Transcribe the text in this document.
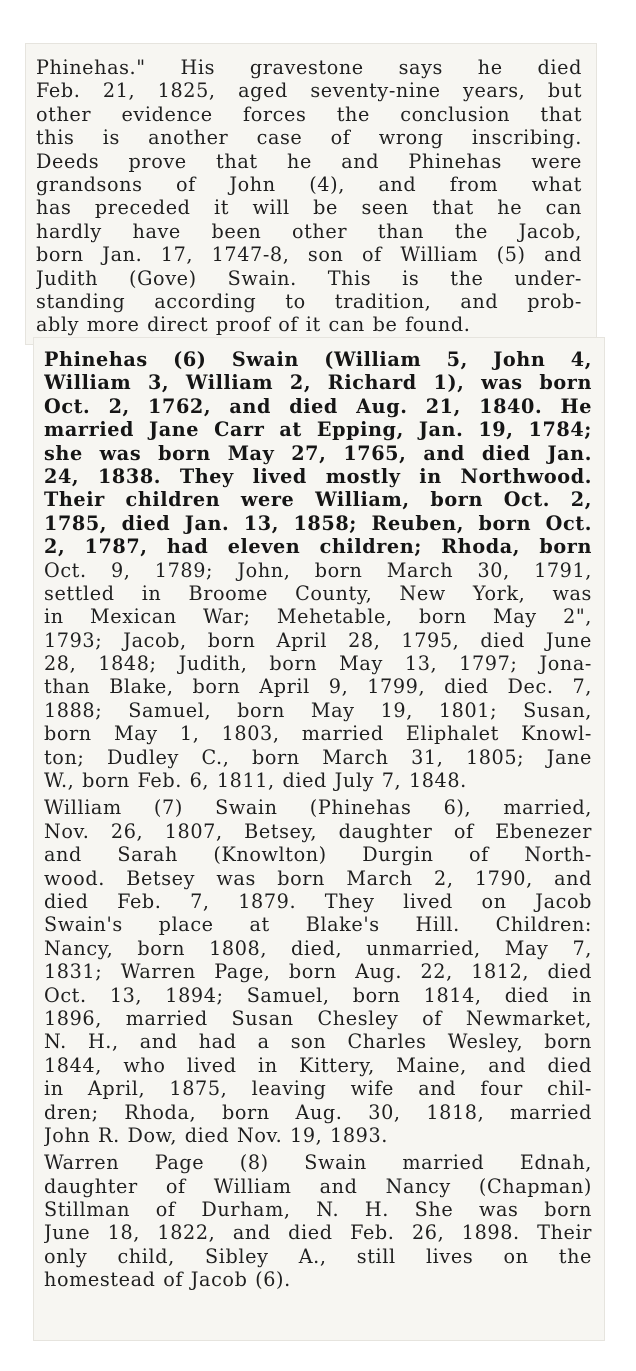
Phinehas." His gravestone says he died
Feb. 21, 1825, aged seventy-nine years, but
other evidence forces the conclusion that
this is another case of wrong inscribing.
Deeds prove that he and Phinehas were
grandsons of John (4), and from what
has preceded it will be seen that he can
hardly have been other than the Jacob,
born Jan. 17, 1747-8, son of William (5) and
Judith (Gove) Swain. This is the under-
standing according to tradition, and prob-
ably more direct proof of it can be found.
Phinehas (6) Swain (William 5, John 4,
William 3, William 2, Richard 1), was born
Oct. 2, 1762, and died Aug. 21, 1840. He
married Jane Carr at Epping, Jan. 19, 1784;
she was born May 27, 1765, and died Jan.
24, 1838. They lived mostly in Northwood.
Their children were William, born Oct. 2,
1785, died Jan. 13, 1858; Reuben, born Oct.
2, 1787, had eleven children; Rhoda, born
Oct. 9, 1789; John, born March 30, 1791,
settled in Broome County, New York, was
in Mexican War; Mehetable, born May 2",
1793; Jacob, born April 28, 1795, died June
28, 1848; Judith, born May 13, 1797; Jona-
than Blake, born April 9, 1799, died Dec. 7,
1888; Samuel, born May 19, 1801; Susan,
born May 1, 1803, married Eliphalet Knowl-
ton; Dudley C., born March 31, 1805; Jane
W., born Feb. 6, 1811, died July 7, 1848.
William (7) Swain (Phinehas 6), married,
Nov. 26, 1807, Betsey, daughter of Ebenezer
and Sarah (Knowlton) Durgin of North-
wood. Betsey was born March 2, 1790, and
died Feb. 7, 1879. They lived on Jacob
Swain's place at Blake's Hill. Children:
Nancy, born 1808, died, unmarried, May 7,
1831; Warren Page, born Aug. 22, 1812, died
Oct. 13, 1894; Samuel, born 1814, died in
1896, married Susan Chesley of Newmarket,
N. H., and had a son Charles Wesley, born
1844, who lived in Kittery, Maine, and died
in April, 1875, leaving wife and four chil-
dren; Rhoda, born Aug. 30, 1818, married
John R. Dow, died Nov. 19, 1893.
Warren Page (8) Swain married Ednah,
daughter of William and Nancy (Chapman)
Stillman of Durham, N. H. She was born
June 18, 1822, and died Feb. 26, 1898. Their
only child, Sibley A., still lives on the
homestead of Jacob (6).
